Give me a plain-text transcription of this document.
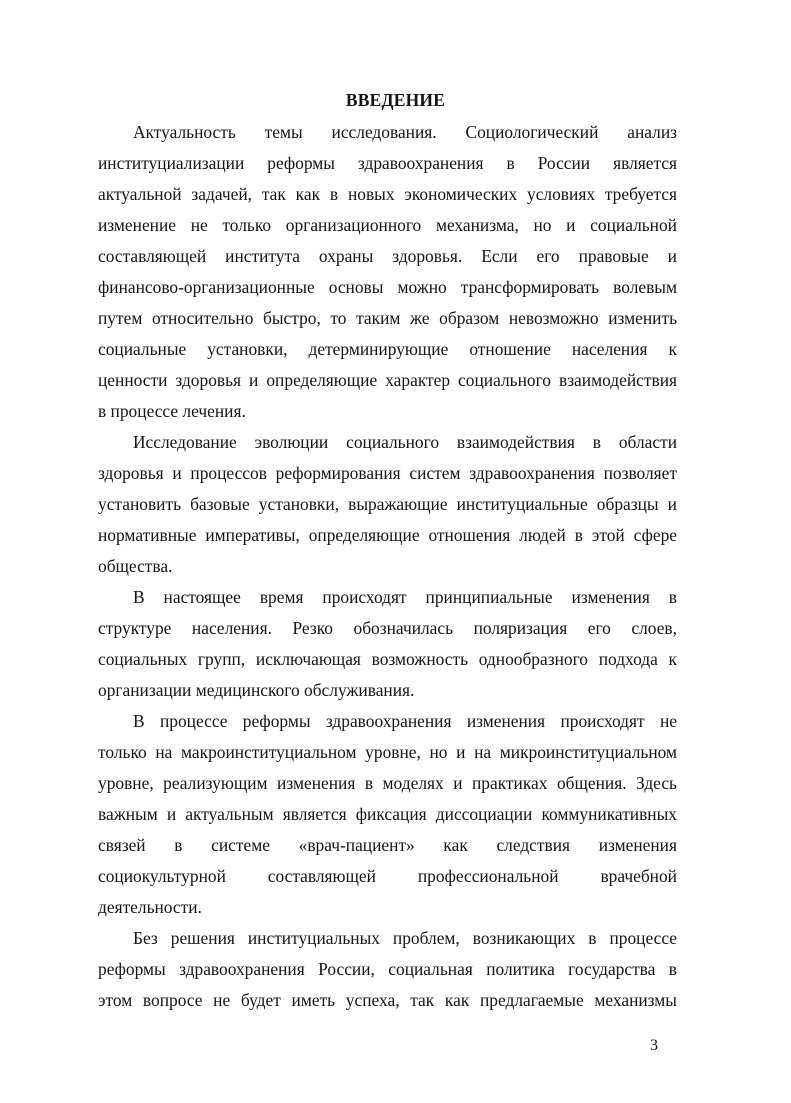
ВВЕДЕНИЕ
Актуальность темы исследования. Социологический анализ
институциализации реформы здравоохранения в России является
актуальной задачей, так как в новых экономических условиях требуется
изменение не только организационного механизма, но и социальной
составляющей института охраны здоровья. Если его правовые и
финансово-организационные основы можно трансформировать волевым
путем относительно быстро, то таким же образом невозможно изменить
социальные установки, детерминирующие отношение населения к
ценности здоровья и определяющие характер социального взаимодействия
в процессе лечения.
Исследование эволюции социального взаимодействия в области
здоровья и процессов реформирования систем здравоохранения позволяет
установить базовые установки, выражающие институциальные образцы и
нормативные императивы, определяющие отношения людей в этой сфере
общества.
В настоящее время происходят принципиальные изменения в
структуре населения. Резко обозначилась поляризация его слоев,
социальных групп, исключающая возможность однообразного подхода к
организации медицинского обслуживания.
В процессе реформы здравоохранения изменения происходят не
только на макроинституциальном уровне, но и на микроинституциальном
уровне, реализующим изменения в моделях и практиках общения. Здесь
важным и актуальным является фиксация диссоциации коммуникативных
связей в системе «врач-пациент» как следствия изменения
социокультурной составляющей профессиональной врачебной
деятельности.
Без решения институциальных проблем, возникающих в процессе
реформы здравоохранения России, социальная политика государства в
этом вопросе не будет иметь успеха, так как предлагаемые механизмы
3
